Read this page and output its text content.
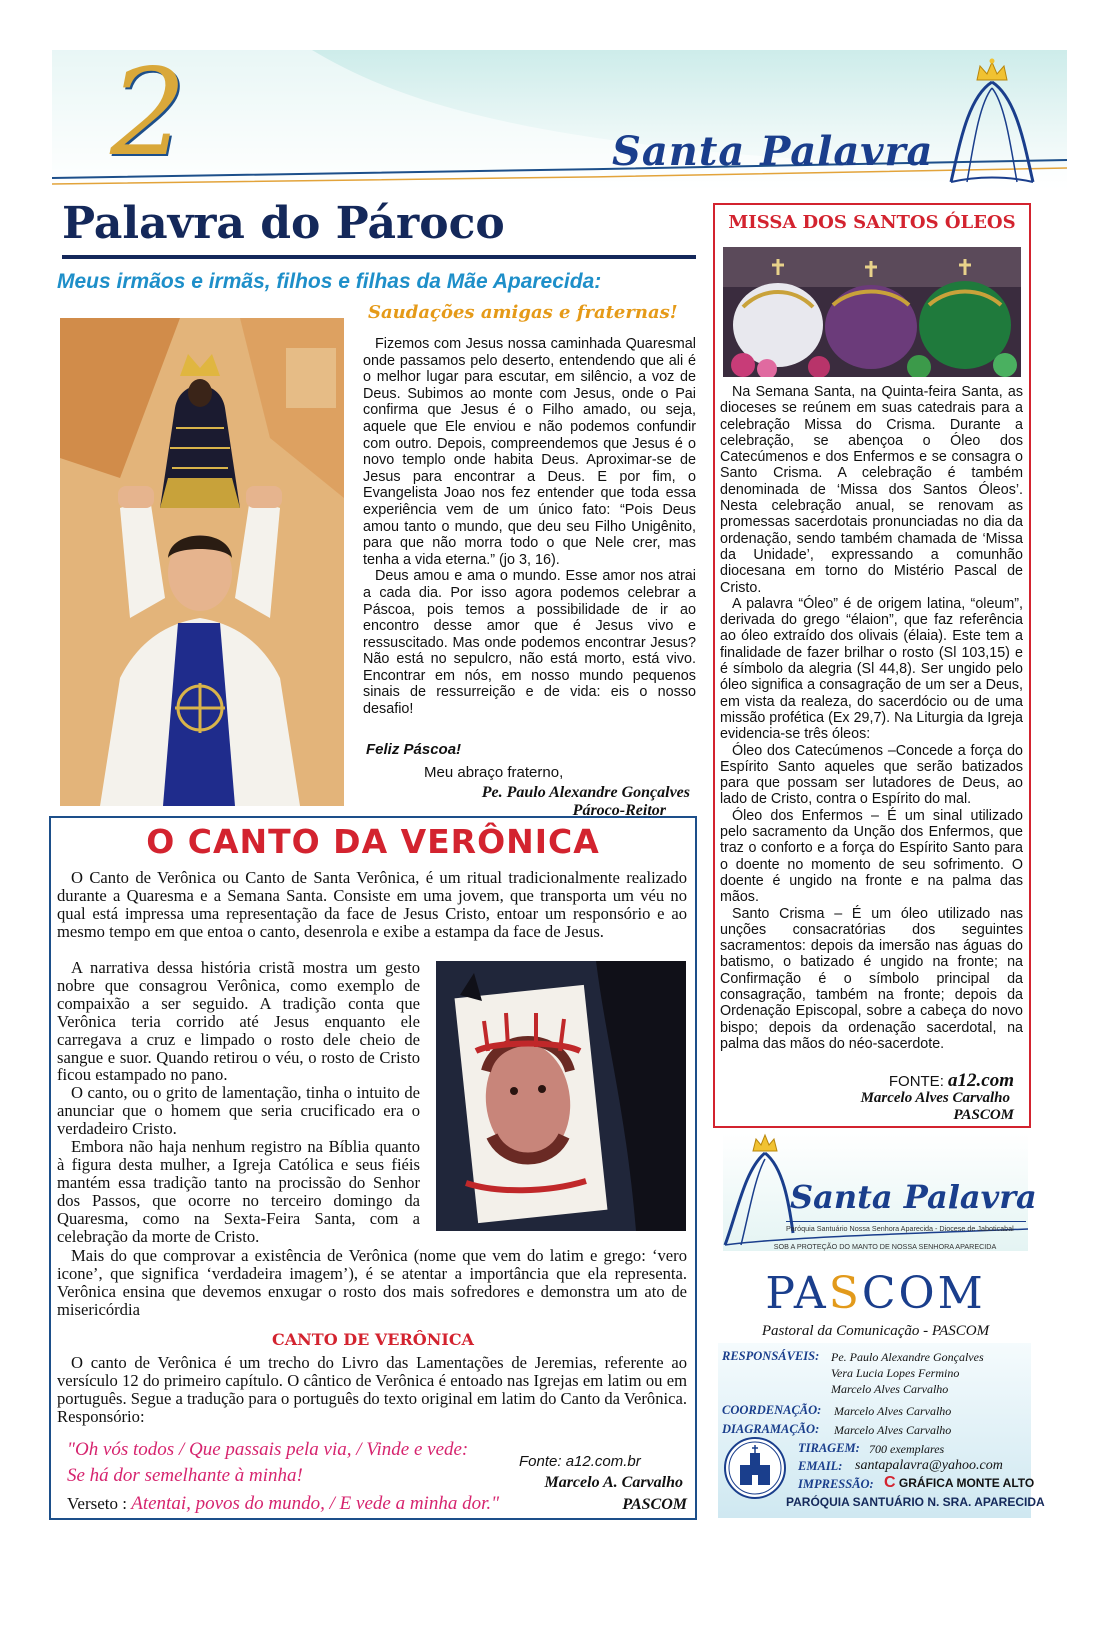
2	Santa Palavra
Palavra do Pároco
Meus irmãos e irmãs, filhos e filhas da Mãe Aparecida:
Saudações amigas e fraternas!

Fizemos com Jesus nossa caminhada Quaresmal onde passamos pelo deserto, entendendo que ali é o melhor lugar para escutar, em silêncio, a voz de Deus. Subimos ao monte com Jesus, onde o Pai confirma que Jesus é o Filho amado, ou seja, aquele que Ele enviou e não podemos confundir com outro. Depois, compreendemos que Jesus é o novo templo onde habita Deus. Aproximar-se de Jesus para encontrar a Deus. E por fim, o Evangelista Joao nos fez entender que toda essa experiência vem de um único fato: “Pois Deus amou tanto o mundo, que deu seu Filho Unigênito, para que não morra todo o que Nele crer, mas tenha a vida eterna.” (jo 3, 16).

Deus amou e ama o mundo. Esse amor nos atrai a cada dia. Por isso agora podemos celebrar a Páscoa, pois temos a possibilidade de ir ao encontro desse amor que é Jesus vivo e ressuscitado. Mas onde podemos encontrar Jesus? Não está no sepulcro, não está morto, está vivo. Encontrar em nós, em nosso mundo pequenos sinais de ressurreição e de vida: eis o nosso desafio!

Feliz Páscoa!
Meu abraço fraterno,
Pe. Paulo Alexandre Gonçalves
Pároco-Reitor
MISSA DOS SANTOS ÓLEOS

Na Semana Santa, na Quinta-feira Santa, as dioceses se reúnem em suas catedrais para a celebração Missa do Crisma. Durante a celebração, se abençoa o Óleo dos Catecúmenos e dos Enfermos e se consagra o Santo Crisma. A celebração é também denominada de ‘Missa dos Santos Óleos’. Nesta celebração anual, se renovam as promessas sacerdotais pronunciadas no dia da ordenação, sendo também chamada de ‘Missa da Unidade’, expressando a comunhão diocesana em torno do Mistério Pascal de Cristo.

A palavra “Óleo” é de origem latina, “oleum”, derivada do grego “élaion”, que faz referência ao óleo extraído dos olivais (élaia). Este tem a finalidade de fazer brilhar o rosto (Sl 103,15) e é símbolo da alegria (Sl 44,8). Ser ungido pelo óleo significa a consagração de um ser a Deus, em vista da realeza, do sacerdócio ou de uma missão profética (Ex 29,7). Na Liturgia da Igreja evidencia-se três óleos:

Óleo dos Catecúmenos –Concede a força do Espírito Santo aqueles que serão batizados para que possam ser lutadores de Deus, ao lado de Cristo, contra o Espírito do mal.

Óleo dos Enfermos – É um sinal utilizado pelo sacramento da Unção dos Enfermos, que traz o conforto e a força do Espírito Santo para o doente no momento de seu sofrimento. O doente é ungido na fronte e na palma das mãos.

Santo Crisma – É um óleo utilizado nas unções consacratórias dos seguintes sacramentos: depois da imersão nas águas do batismo, o batizado é ungido na fronte; na Confirmação é o símbolo principal da consagração, também na fronte; depois da Ordenação Episcopal, sobre a cabeça do novo bispo; depois da ordenação sacerdotal, na palma das mãos do néo-sacerdote.

FONTE: a12.com
Marcelo Alves Carvalho
PASCOM
O CANTO DA VERÔNICA

O Canto de Verônica ou Canto de Santa Verônica, é um ritual tradicionalmente realizado durante a Quaresma e a Semana Santa. Consiste em uma jovem, que transporta um véu no qual está impressa uma representação da face de Jesus Cristo, entoar um responsório e ao mesmo tempo em que entoa o canto, desenrola e exibe a estampa da face de Jesus.

A narrativa dessa história cristã mostra um gesto nobre que consagrou Verônica, como exemplo de compaixão a ser seguido. A tradição conta que Verônica teria corrido até Jesus enquanto ele carregava a cruz e limpado o rosto dele cheio de sangue e suor. Quando retirou o véu, o rosto de Cristo ficou estampado no pano.

O canto, ou o grito de lamentação, tinha o intuito de anunciar que o homem que seria crucificado era o verdadeiro Cristo.

Embora não haja nenhum registro na Bíblia quanto à figura desta mulher, a Igreja Católica e seus fiéis mantém essa tradição tanto na procissão do Senhor dos Passos, que ocorre no terceiro domingo da Quaresma, como na Sexta-Feira Santa, com a celebração da morte de Cristo.

Mais do que comprovar a existência de Verônica (nome que vem do latim e grego: ‘vero icone’, que significa ‘verdadeira imagem’), é se atentar a importância que ela representa. Verônica ensina que devemos enxugar o rosto dos mais sofredores e demonstra um ato de misericórdia

CANTO DE VERÔNICA

O canto de Verônica é um trecho do Livro das Lamentações de Jeremias, referente ao versículo 12 do primeiro capítulo. O cântico de Verônica é entoado nas Igrejas em latim ou em português. Segue a tradução para o português do texto original em latim do Canto da Verônica. Responsório:

"Oh vós todos / Que passais pela via, / Vinde e vede:
Se há dor semelhante à minha!
Verseto : Atentai, povos do mundo, / E vede a minha dor."
Fonte: a12.com.br
Marcelo A. Carvalho
PASCOM
Santa Palavra
Paróquia Santuário Nossa Senhora Aparecida - Diocese de Jaboticabal
SOB A PROTEÇÃO DO MANTO DE NOSSA SENHORA APARECIDA
PASCOM
Pastoral da Comunicação - PASCOM
RESPONSÁVEIS: Pe. Paulo Alexandre Gonçalves
Vera Lucia Lopes Fermino
Marcelo Alves Carvalho
COORDENAÇÃO: Marcelo Alves Carvalho
DIAGRAMAÇÃO: Marcelo Alves Carvalho
TIRAGEM: 700 exemplares
EMAIL: santapalavra@yahoo.com
IMPRESSÃO: C GRÁFICA MONTE ALTO
PARÓQUIA SANTUÁRIO N. SRA. APARECIDA
